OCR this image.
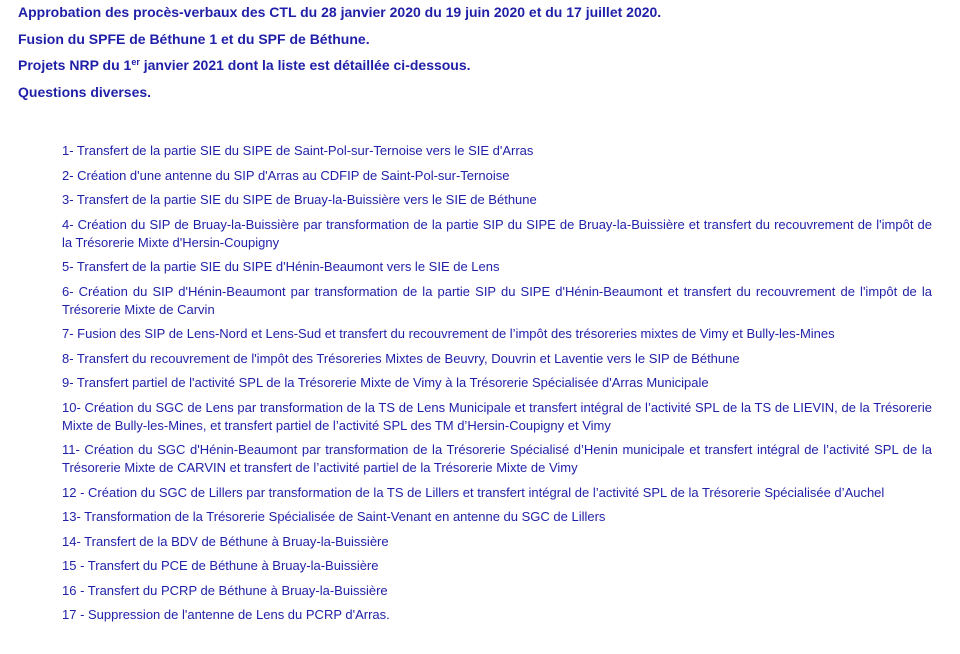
Approbation des procès-verbaux des CTL du 28 janvier 2020 du 19 juin 2020 et du 17 juillet 2020.

Fusion du SPFE de Béthune 1 et du SPF de Béthune.

Projets NRP du 1er janvier 2021 dont la liste est détaillée ci-dessous.

Questions diverses.

1- Transfert de la partie SIE du SIPE de Saint-Pol-sur-Ternoise vers le SIE d'Arras
2- Création d'une antenne du SIP d'Arras au CDFIP de Saint-Pol-sur-Ternoise
3- Transfert de la partie SIE du SIPE de Bruay-la-Buissière vers le SIE de Béthune
4- Création du SIP de Bruay-la-Buissière par transformation de la partie SIP du SIPE de Bruay-la-Buissière et transfert du recouvrement de l'impôt de la Trésorerie Mixte d'Hersin-Coupigny
5- Transfert de la partie SIE du SIPE d'Hénin-Beaumont vers le SIE de Lens
6- Création du SIP d'Hénin-Beaumont par transformation de la partie SIP du SIPE d'Hénin-Beaumont et transfert du recouvrement de l'impôt de la Trésorerie Mixte de Carvin
7- Fusion des SIP de Lens-Nord et Lens-Sud et transfert du recouvrement de l’impôt des trésoreries mixtes de Vimy et Bully-les-Mines
8- Transfert du recouvrement de l'impôt des Trésoreries Mixtes de Beuvry, Douvrin et Laventie vers le SIP de Béthune
9- Transfert partiel de l'activité SPL de la Trésorerie Mixte de Vimy à la Trésorerie Spécialisée d'Arras Municipale
10- Création du SGC de Lens par transformation de la TS de Lens Municipale et transfert intégral de l’activité SPL de la TS de LIEVIN, de la Trésorerie Mixte de Bully-les-Mines, et transfert partiel de l’activité SPL des TM d’Hersin-Coupigny et Vimy
11- Création du SGC d'Hénin-Beaumont par transformation de la Trésorerie Spécialisé d’Henin municipale et transfert intégral de l’activité SPL de la Trésorerie Mixte de CARVIN et transfert de l’activité partiel de la Trésorerie Mixte de Vimy
12 - Création du SGC de Lillers par transformation de la TS de Lillers et transfert intégral de l’activité SPL de la Trésorerie Spécialisée d’Auchel
13- Transformation de la Trésorerie Spécialisée de Saint-Venant en antenne du SGC de Lillers
14- Transfert de la BDV de Béthune à Bruay-la-Buissière
15 - Transfert du PCE de Béthune à Bruay-la-Buissière
16 - Transfert du PCRP de Béthune à Bruay-la-Buissière
17 - Suppression de l'antenne de Lens du PCRP d'Arras.
